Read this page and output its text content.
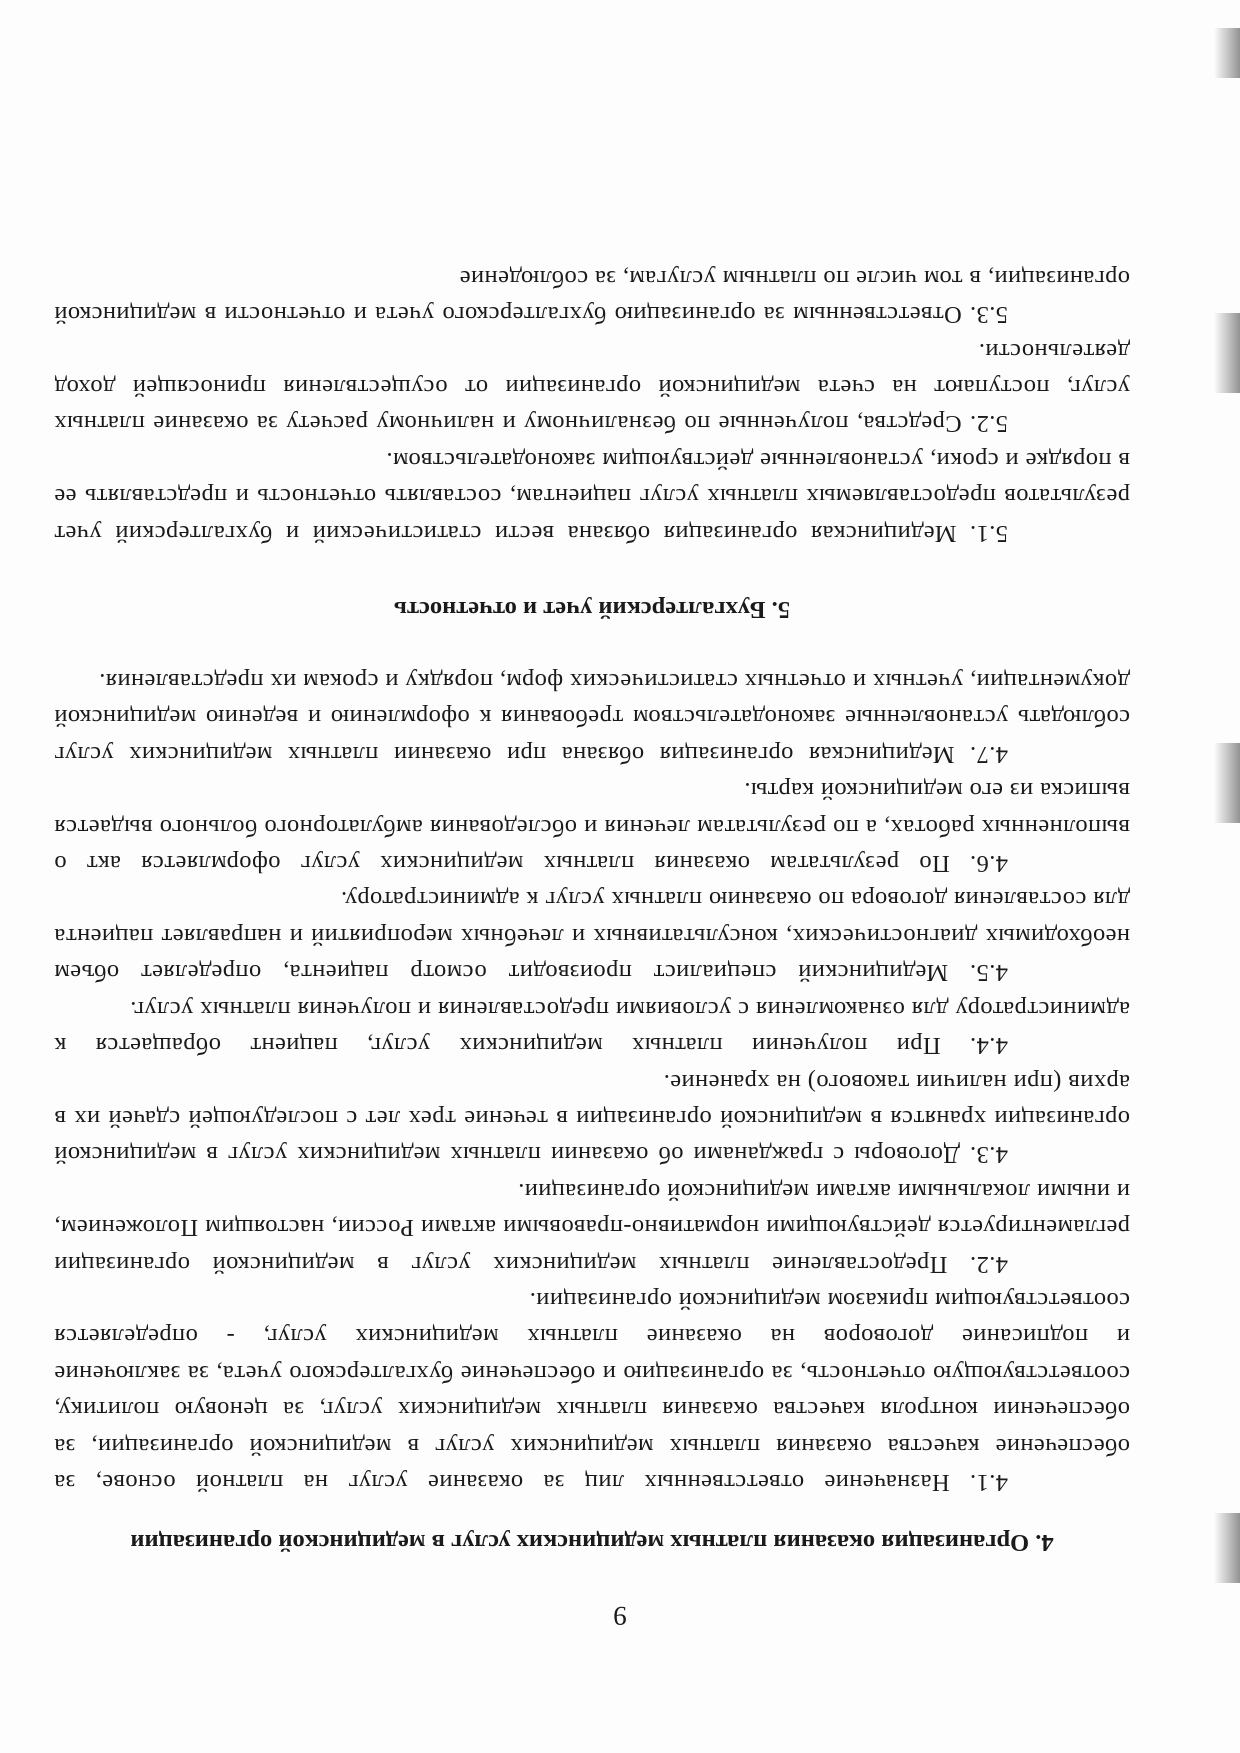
9

4. Организация оказания платных медицинских услуг в медицинской организации

4.1. Назначение ответственных лиц за оказание услуг на платной основе, за обеспечение качества оказания платных медицинских услуг в медицинской организации, за обеспечении контроля качества оказания платных медицинских услуг, за ценовую политику, соответствующую отчетность, за организацию и обеспечение бухгалтерского учета, за заключение и подписание договоров на оказание платных медицинских услуг, - определяется соответствующим приказом медицинской организации.

4.2. Предоставление платных медицинских услуг в медицинской организации регламентируется действующими нормативно-правовыми актами России, настоящим Положением, и иными локальными актами медицинской организации.

4.3. Договоры с гражданами об оказании платных медицинских услуг в медицинской организации хранятся в медицинской организации в течение трех лет с последующей сдачей их в архив (при наличии такового) на хранение.

4.4. При получении платных медицинских услуг, пациент обращается к администратору для ознакомления с условиями предоставления и получения платных услуг.

4.5. Медицинский специалист производит осмотр пациента, определяет объем необходимых диагностических, консультативных и лечебных мероприятий и направляет пациента для составления договора по оказанию платных услуг к администратору.

4.6. По результатам оказания платных медицинских услуг оформляется акт о выполненных работах, а по результатам лечения и обследования амбулаторного больного выдается выписка из его медицинской карты.

4.7. Медицинская организация обязана при оказании платных медицинских услуг соблюдать установленные законодательством требования к оформлению и ведению медицинской документации, учетных и отчетных статистических форм, порядку и срокам их представления.

5. Бухгалтерский учет и отчетность

5.1. Медицинская организация обязана вести статистический и бухгалтерский учет результатов предоставляемых платных услуг пациентам, составлять отчетность и представлять ее в порядке и сроки, установленные действующим законодательством.

5.2. Средства, полученные по безналичному и наличному расчету за оказание платных услуг, поступают на счета медицинской организации от осуществления приносящей доход деятельности.

5.3. Ответственным за организацию бухгалтерского учета и отчетности в медицинской организации, в том числе по платным услугам, за соблюдение
